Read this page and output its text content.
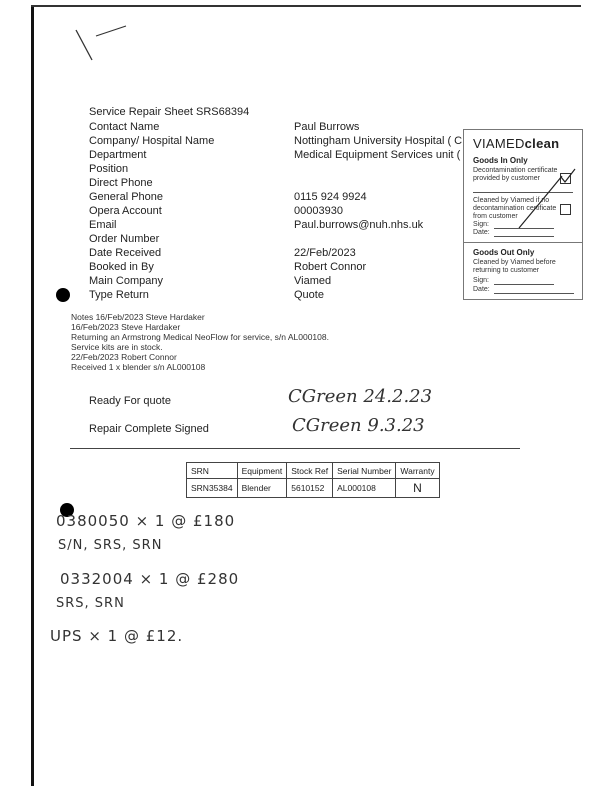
Service Repair Sheet SRS68394
Contact Name	Paul Burrows
Company/ Hospital Name	Nottingham University Hospital ( C
Department	Medical Equipment Services unit (
Position
Direct Phone
General Phone	0115 924 9924
Opera Account	00003930
Email	Paul.burrows@nuh.nhs.uk
Order Number
Date Received	22/Feb/2023
Booked in By	Robert Connor
Main Company	Viamed
Type Return	Quote
VIAMEDclean
Goods In Only
Decontamination certificate provided by customer
Cleaned by Viamed if no decontamination certificate from customer
Sign:
Date:
Goods Out Only
Cleaned by Viamed before returning to customer
Sign:
Date:
Notes 16/Feb/2023 Steve Hardaker
16/Feb/2023 Steve Hardaker
Returning an Armstrong Medical NeoFlow for service, s/n AL000108.
Service kits are in stock.
22/Feb/2023 Robert Connor
Received 1 x blender s/n AL000108
Ready For quote	CGreen 24.2.23
Repair Complete Signed	CGreen 9.3.23
SRN	Equipment	Stock Ref	Serial Number	Warranty
SRN35384	Blender	5610152	AL000108	N
0380050 × 1 @ £180
S/N, SRS, SRN
0332004 × 1 @ £280
SRS, SRN
UPS × 1 @ £12.
